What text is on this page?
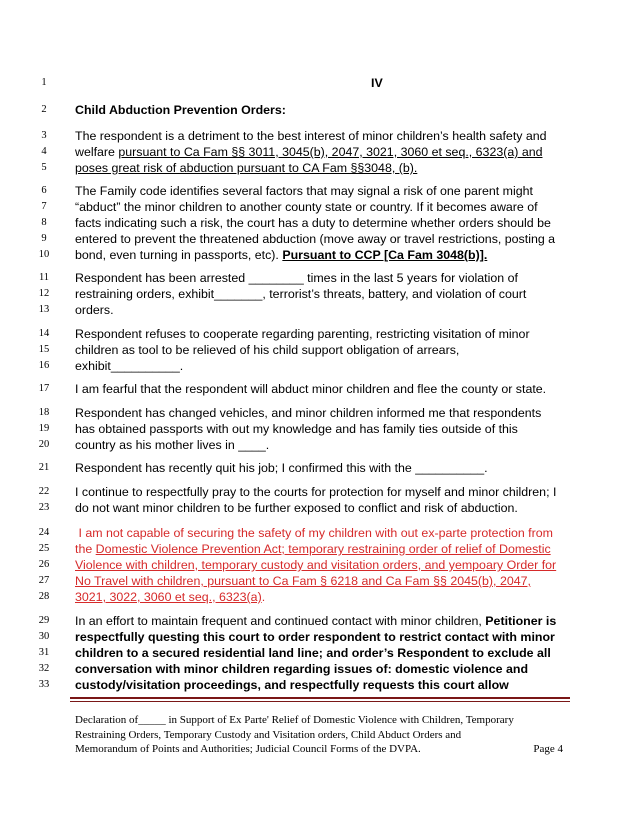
1	IV
2	Child Abduction Prevention Orders:
3	The respondent is a detriment to the best interest of minor children’s health safety and
4	welfare pursuant to Ca Fam §§ 3011, 3045(b), 2047, 3021, 3060 et seq., 6323(a) and
5	poses great risk of abduction pursuant to CA Fam §§3048, (b).
6	The Family code identifies several factors that may signal a risk of one parent might
7	“abduct” the minor children to another county state or country. If it becomes aware of
8	facts indicating such a risk, the court has a duty to determine whether orders should be
9	entered to prevent the threatened abduction (move away or travel restrictions, posting a
10	bond, even turning in passports, etc). Pursuant to CCP [Ca Fam 3048(b)].
11	Respondent has been arrested ________ times in the last 5 years for violation of
12	restraining orders, exhibit_______, terrorist’s threats, battery, and violation of court
13	orders.
14	Respondent refuses to cooperate regarding parenting, restricting visitation of minor
15	children as tool to be relieved of his child support obligation of arrears,
16	exhibit__________.
17	I am fearful that the respondent will abduct minor children and flee the county or state.
18	Respondent has changed vehicles, and minor children informed me that respondents
19	has obtained passports with out my knowledge and has family ties outside of this
20	country as his mother lives in ____.
21	Respondent has recently quit his job; I confirmed this with the __________.
22	I continue to respectfully pray to the courts for protection for myself and minor children; I
23	do not want minor children to be further exposed to conflict and risk of abduction.
24	I am not capable of securing the safety of my children with out ex-parte protection from
25	the Domestic Violence Prevention Act; temporary restraining order of relief of Domestic
26	Violence with children, temporary custody and visitation orders, and yempoary Order for
27	No Travel with children, pursuant to Ca Fam § 6218 and Ca Fam §§ 2045(b), 2047,
28	3021, 3022, 3060 et seq., 6323(a).
29	In an effort to maintain frequent and continued contact with minor children, Petitioner is
30	respectfully questing this court to order respondent to restrict contact with minor
31	children to a secured residential land line; and order’s Respondent to exclude all
32	conversation with minor children regarding issues of: domestic violence and
33	custody/visitation proceedings, and respectfully requests this court allow
Declaration of_____ in Support of Ex Parte' Relief of Domestic Violence with Children, Temporary
Restraining Orders, Temporary Custody and Visitation orders, Child Abduct Orders and
Memorandum of Points and Authorities; Judicial Council Forms of the DVPA.	Page 4
